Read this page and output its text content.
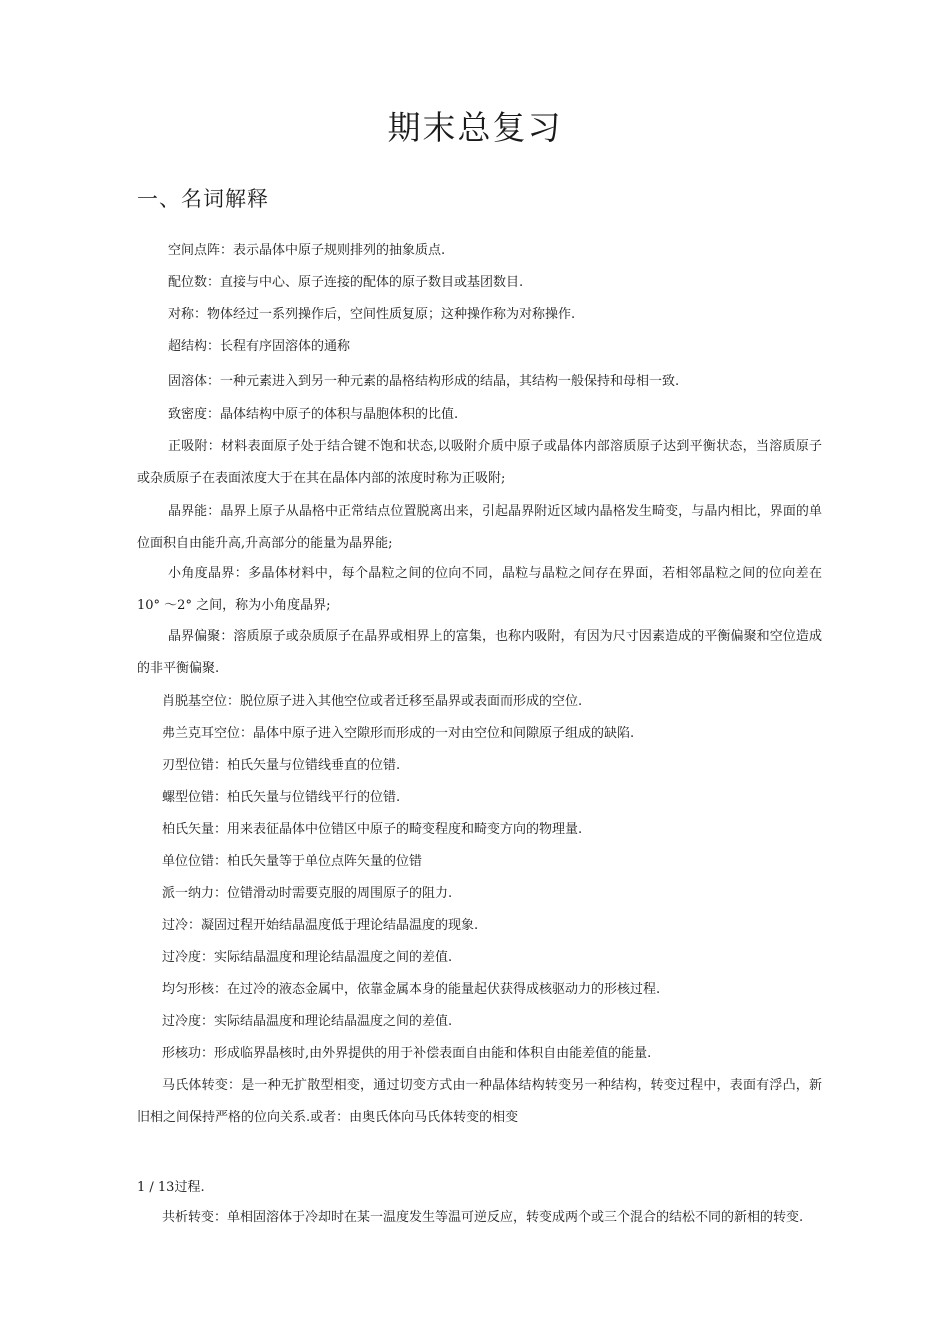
期末总复习
一、名词解释
空间点阵：表示晶体中原子规则排列的抽象质点.
配位数：直接与中心、原子连接的配体的原子数目或基团数目.
对称：物体经过一系列操作后，空间性质复原；这种操作称为对称操作.
超结构：长程有序固溶体的通称
固溶体：一种元素进入到另一种元素的晶格结构形成的结晶，其结构一般保持和母相一致.
致密度：晶体结构中原子的体积与晶胞体积的比值.
正吸附：材料表面原子处于结合键不饱和状态,以吸附介质中原子或晶体内部溶质原子达到平衡状态，当溶质原子或杂质原子在表面浓度大于在其在晶体内部的浓度时称为正吸附;
晶界能：晶界上原子从晶格中正常结点位置脱离出来，引起晶界附近区域内晶格发生畸变，与晶内相比，界面的单位面积自由能升高,升高部分的能量为晶界能;
小角度晶界：多晶体材料中，每个晶粒之间的位向不同，晶粒与晶粒之间存在界面，若相邻晶粒之间的位向差在10° ～2° 之间，称为小角度晶界;
晶界偏聚：溶质原子或杂质原子在晶界或相界上的富集，也称内吸附，有因为尺寸因素造成的平衡偏聚和空位造成的非平衡偏聚.
肖脱基空位：脱位原子进入其他空位或者迁移至晶界或表面而形成的空位.
弗兰克耳空位：晶体中原子进入空隙形而形成的一对由空位和间隙原子组成的缺陷.
刃型位错：柏氏矢量与位错线垂直的位错.
螺型位错：柏氏矢量与位错线平行的位错.
柏氏矢量：用来表征晶体中位错区中原子的畸变程度和畸变方向的物理量.
单位位错：柏氏矢量等于单位点阵矢量的位错
派一纳力：位错滑动时需要克服的周围原子的阻力.
过冷：凝固过程开始结晶温度低于理论结晶温度的现象.
过冷度：实际结晶温度和理论结晶温度之间的差值.
均匀形核：在过冷的液态金属中，依靠金属本身的能量起伏获得成核驱动力的形核过程.
过冷度：实际结晶温度和理论结晶温度之间的差值.
形核功：形成临界晶核时,由外界提供的用于补偿表面自由能和体积自由能差值的能量.
马氏体转变：是一种无扩散型相变，通过切变方式由一种晶体结构转变另一种结构，转变过程中，表面有浮凸，新旧相之间保持严格的位向关系.或者：由奥氏体向马氏体转变的相变
1 / 13过程.
共析转变：单相固溶体于冷却时在某一温度发生等温可逆反应，转变成两个或三个混合的结松不同的新相的转变.
